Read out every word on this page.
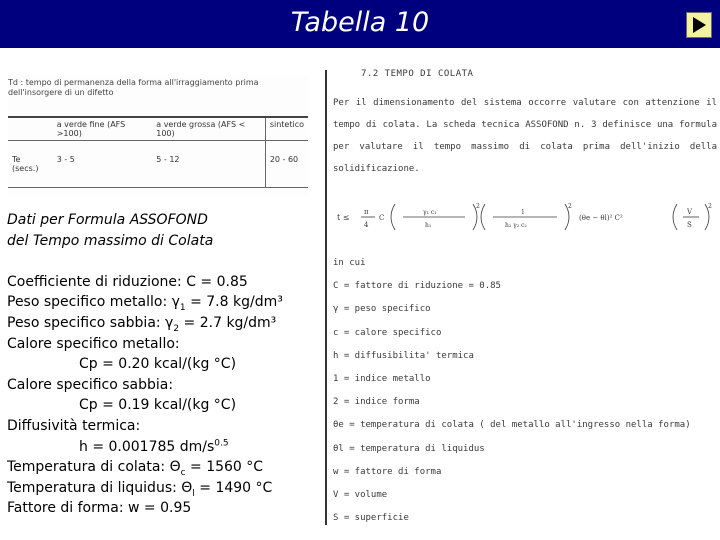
Tabella 10
Td : tempo di permanenza della forma all'irraggiamento prima dell'insorgere di un difetto
	a verde fine (AFS >100)	a verde grossa (AFS < 100)	sintetico
Te (secs.)	3 - 5	5 - 12	20 - 60
Dati per Formula ASSOFOND
del Tempo massimo di Colata
Coefficiente di riduzione: C = 0.85
Peso specifico metallo: $\gamma_1 = 7.8$ kg/dm³
Peso specifico sabbia: $\gamma_2 = 2.7$ kg/dm³
Calore specifico metallo:
Cp = 0.20 kcal/(kg °C)
Calore specifico sabbia:
Cp = 0.19 kcal/(kg °C)
Diffusività termica:
h = 0.001785 $dm/s^{0.5}$
Temperatura di colata: $\Theta_c = 1560$ °C
Temperatura di liquidus: $\Theta_l = 1490$ °C
Fattore di forma: w = 0.95
7.2 TEMPO DI COLATA
Per il dimensionamento del sistema occorre valutare con attenzione il tempo di colata. La scheda tecnica ASSOFOND n. 3 definisce una formula per valutare il tempo massimo di colata prima dell'inizio della solidificazione.
t ≤
π
4
C
γ₁ c₁
h₁
2
1
h₂ γ₂ c₂
2
(θe − θl)² C²
V
S
2
in cui
C = fattore di riduzione = 0.85
γ = peso specifico
c = calore specifico
h = diffusibilita' termica
1 = indice metallo
2 = indice forma
θe = temperatura di colata ( del metallo all'ingresso nella forma)
θl = temperatura di liquidus
w = fattore di forma
V = volume
S = superficie
